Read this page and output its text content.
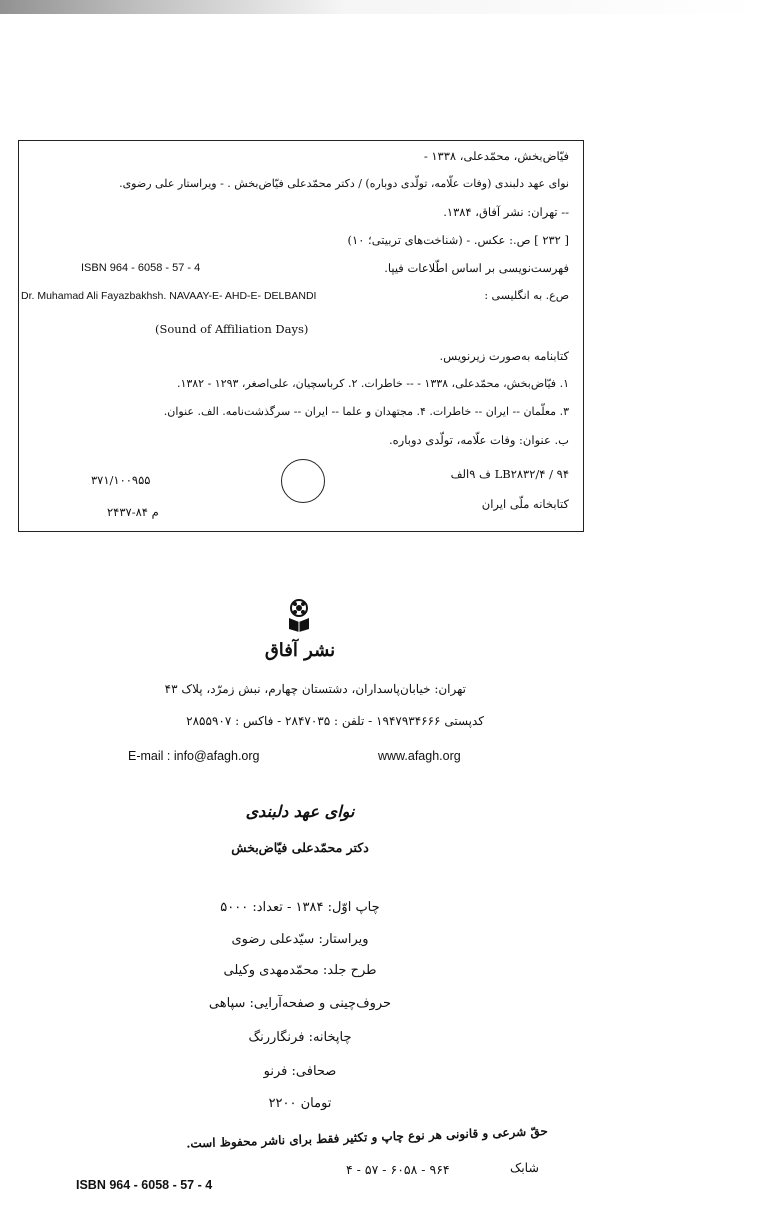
فیّاض‌بخش، محمّدعلی، ۱۳۳۸ -
نوای عهد دلبندی (وفات علّامه، تولّدی دوباره) / دکتر محمّدعلی فیّاض‌بخش . - ویراستار علی رضوی.
-- تهران: نشر آفاق، ۱۳۸۴.
[ ۲۳۲ ] ص.: عکس. - (شناخت‌های تربیتی؛ ۱۰)
فهرست‌نویسی بر اساس اطّلاعات فیپا.
ISBN 964 - 6058 - 57 - 4
ص‌ع. به انگلیسی :
Dr. Muhamad Ali Fayazbakhsh. NAVAAY-E- AHD-E- DELBANDI
(Sound of Affiliation Days)
کتابنامه به‌صورت زیرنویس.
۱. فیّاض‌بخش، محمّدعلی، ۱۳۳۸ - -- خاطرات. ۲. کرباسچیان، علی‌اصغر، ۱۲۹۳ - ۱۳۸۲.
۳. معلّمان -- ایران -- خاطرات. ۴. مجتهدان و علما -- ایران -- سرگذشت‌نامه. الف. عنوان.
ب. عنوان: وفات علّامه، تولّدی دوباره.
LB۲۸۳۲/۴ / ۹۴ ف ۹الف
۳۷۱/۱۰۰۹۵۵
کتابخانه ملّی ایران
م ۸۴-۲۴۳۷
نشر آفاق
تهران: خیابان‌پاسداران، دشتستان چهارم، نبش زمرّد، پلاک ۴۳
کدپستی ۱۹۴۷۹۳۴۶۶۶ - تلفن : ۲۸۴۷۰۳۵ - فاکس : ۲۸۵۵۹۰۷
E-mail : info@afagh.org	www.afagh.org
نوای عهد دلبندی
دکتر محمّدعلی فیّاض‌بخش
چاپ اوّل: ۱۳۸۴ - تعداد: ۵۰۰۰
ویراستار: سیّدعلی رضوی
طرح جلد: محمّدمهدی وکیلی
حروف‌چینی و صفحه‌آرایی: سپاهی
چاپخانه: فرنگاررنگ
صحافی: فرنو
۲۲۰۰ تومان
حقّ شرعی و قانونی هر نوع چاپ و تکثیر فقط برای ناشر محفوظ است.
شابک
۴ - ۵۷ - ۶۰۵۸ - ۹۶۴
ISBN 964 - 6058 - 57 - 4
